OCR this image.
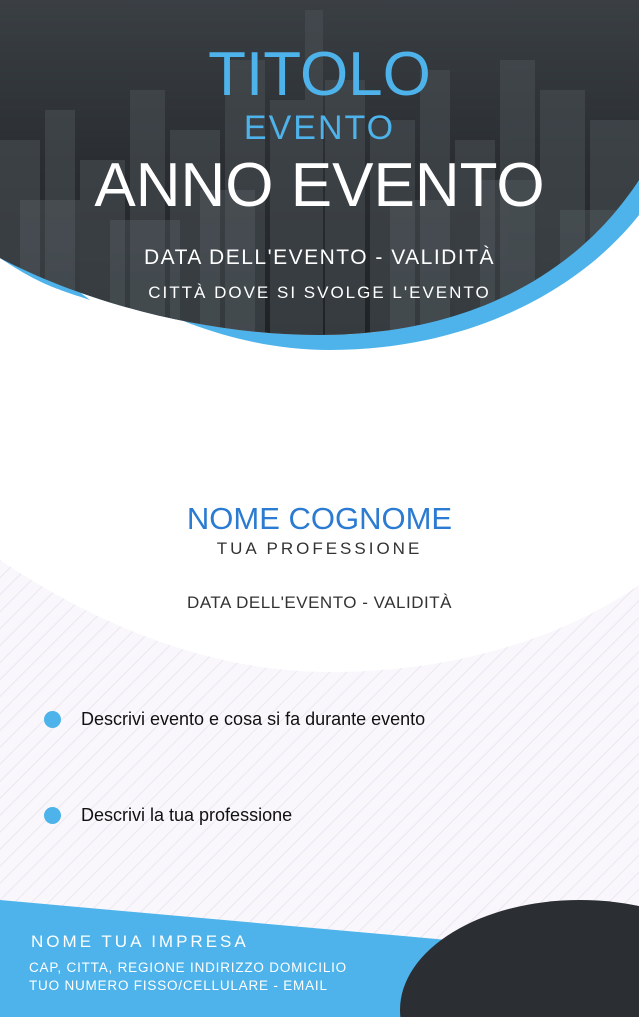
TITOLO

EVENTO

ANNO EVENTO

DATA DELL'EVENTO - VALIDITÀ

CITTÀ DOVE SI SVOLGE L'EVENTO

NOME COGNOME

TUA PROFESSIONE

DATA DELL'EVENTO - VALIDITÀ

Descrivi evento e cosa si fa durante evento
Descrivi la tua professione
NOME TUA IMPRESA
CAP, CITTA, REGIONE INDIRIZZO DOMICILIO
TUO NUMERO FISSO/CELLULARE - EMAIL
